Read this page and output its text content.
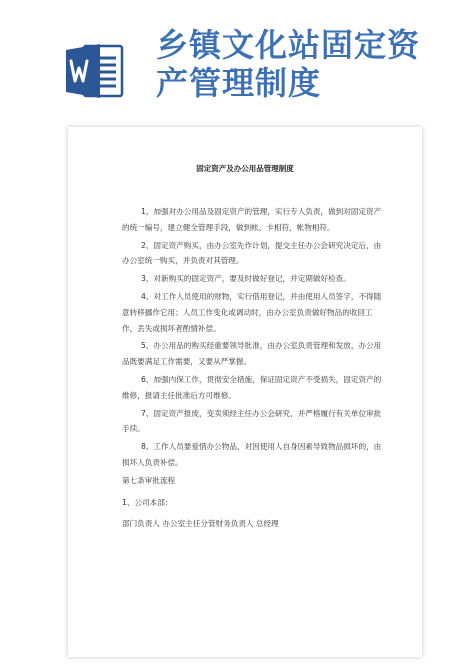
乡镇文化站固定资
产管理制度
固定资产及办公用品管理制度

1、加强对办公用品及固定资产的管理，实行专人负责，做到对固定资产的统一编号，建立健全管理手段，做到帐、卡相符，帐物相符。

2、固定资产购买，由办公室先作计划，提交主任办公会研究决定后，由办公室统一购买，并负责对其管理。

3、对新购买的固定资产，要及时做好登记，并定期做好检查。

4、对工作人员使用的财物，实行借用登记，并由使用人员签字，不得随意转移挪作它用；人员工作变化或调动时，由办公室负责做好物品的收回工作，丢失或损坏者酌情补偿。

5、办公用品的购买经重要领导批准，由办公室负责管理和发放，办公用品既要满足工作需要，又要从严掌握。

6、加强内保工作，贯彻安全措施，保证固定资产不受损失，固定资产的维修，报请主任批准后方可维修。

7、固定资产报废，变卖须经主任办公会研究，并严格履行有关单位审批手续。

8、工作人员要爱惜办公物品，对因使用人自身因素导致物品损坏的，由损坏人负责补偿。

第七条审批流程

1、公司本部：

部门负责人 办公室主任分管财务负责人 总经理
